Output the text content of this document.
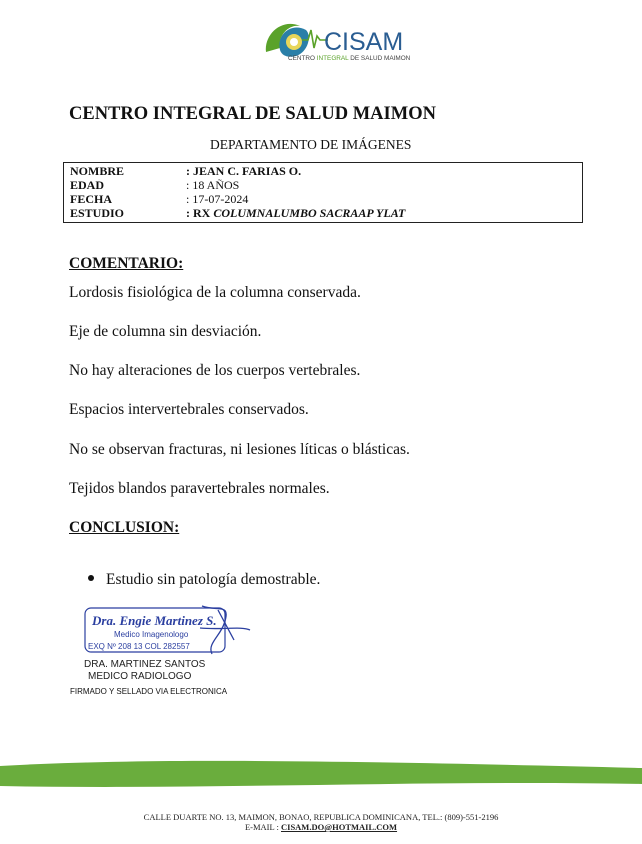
CISAM
CENTRO INTEGRAL DE SALUD MAIMON
CENTRO INTEGRAL DE SALUD MAIMON
DEPARTAMENTO DE IMÁGENES
NOMBRE	: JEAN C. FARIAS O.
EDAD	: 18 AÑOS
FECHA	: 17-07-2024
ESTUDIO	: RX COLUMNALUMBO SACRAAP YLAT
COMENTARIO:
Lordosis fisiológica de la columna conservada.
Eje de columna sin desviación.
No hay alteraciones de los cuerpos vertebrales.
Espacios intervertebrales conservados.
No se observan fracturas, ni lesiones líticas o blásticas.
Tejidos blandos paravertebrales normales.
CONCLUSION:
Estudio sin patología demostrable.
Dra. Engie Martinez S.
Medico Imagenologo
EXQ Nº 208 13 COL 282557
DRA. MARTINEZ SANTOS
MEDICO RADIOLOGO
FIRMADO Y SELLADO VIA ELECTRONICA
CALLE DUARTE NO. 13, MAIMON, BONAO, REPUBLICA DOMINICANA, TEL.: (809)-551-2196
E-MAIL : CISAM.DO@HOTMAIL.COM
